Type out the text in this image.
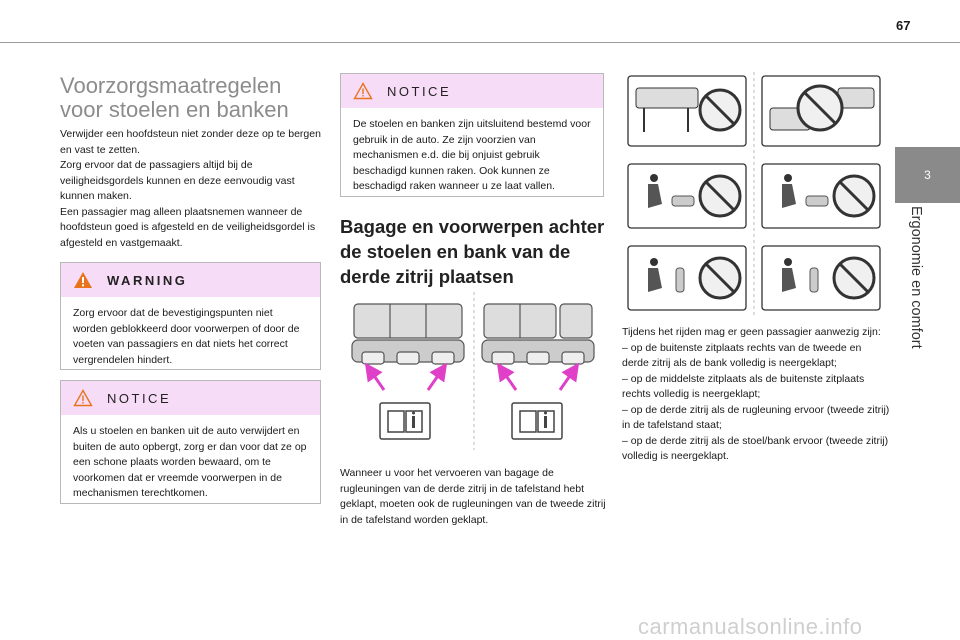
67
3
Ergonomie en comfort
Voorzorgsmaatregelen voor stoelen en banken

Verwijder een hoofdsteun niet zonder deze op te bergen en vast te zetten.

Zorg ervoor dat de passagiers altijd bij de veiligheidsgordels kunnen en deze eenvoudig vast kunnen maken.

Een passagier mag alleen plaatsnemen wanneer de hoofdsteun goed is afgesteld en de veiligheidsgordel is afgesteld en vastgemaakt.

WARNING
Zorg ervoor dat de bevestigingspunten niet worden geblokkeerd door voorwerpen of door de voeten van passagiers en dat niets het correct vergrendelen hindert.
NOTICE
Als u stoelen en banken uit de auto verwijdert en buiten de auto opbergt, zorg er dan voor dat ze op een schone plaats worden bewaard, om te voorkomen dat er vreemde voorwerpen in de mechanismen terechtkomen.
NOTICE
De stoelen en banken zijn uitsluitend bestemd voor gebruik in de auto. Ze zijn voorzien van mechanismen e.d. die bij onjuist gebruik beschadigd kunnen raken. Ook kunnen ze beschadigd raken wanneer u ze laat vallen.
Bagage en voorwerpen achter de stoelen en bank van de derde zitrij plaatsen
Wanneer u voor het vervoeren van bagage de rugleuningen van de derde zitrij in de tafelstand hebt geklapt, moeten ook de rugleuningen van de tweede zitrij in de tafelstand worden geklapt.

Tijdens het rijden mag er geen passagier aanwezig zijn:

– op de buitenste zitplaats rechts van de tweede en derde zitrij als de bank volledig is neergeklapt;

– op de middelste zitplaats als de buitenste zitplaats rechts volledig is neergeklapt;

– op de derde zitrij als de rugleuning ervoor (tweede zitrij) in de tafelstand staat;

– op de derde zitrij als de stoel/bank ervoor (tweede zitrij) volledig is neergeklapt.

carmanualsonline.info
